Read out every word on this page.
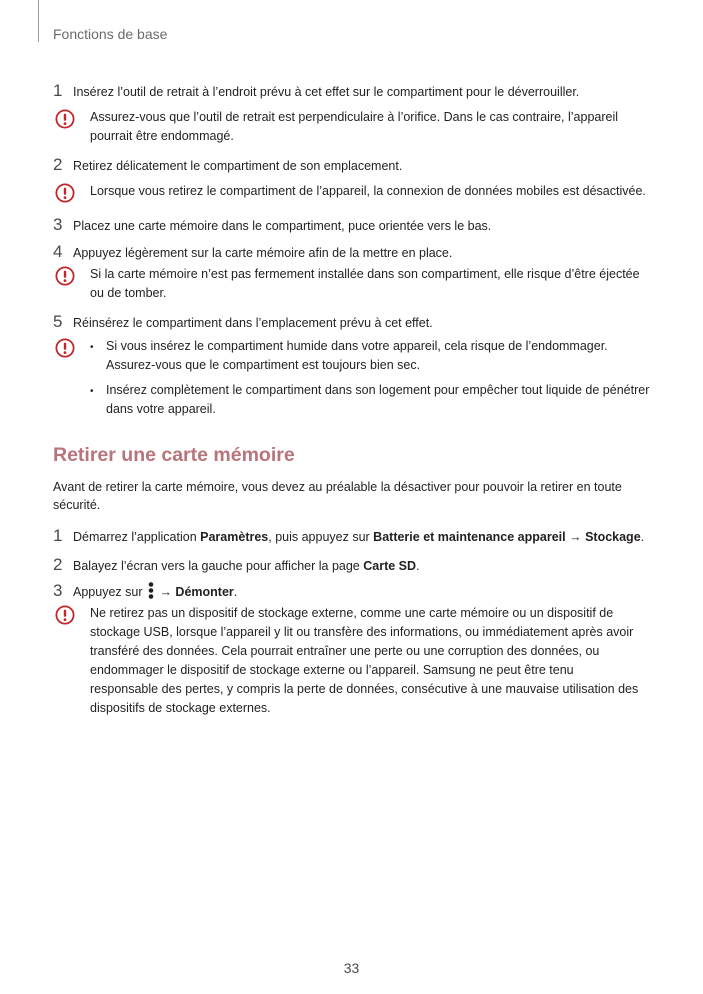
Fonctions de base
1 Insérez l’outil de retrait à l’endroit prévu à cet effet sur le compartiment pour le déverrouiller.
Assurez-vous que l’outil de retrait est perpendiculaire à l’orifice. Dans le cas contraire, l’appareil pourrait être endommagé.
2 Retirez délicatement le compartiment de son emplacement.
Lorsque vous retirez le compartiment de l’appareil, la connexion de données mobiles est désactivée.
3 Placez une carte mémoire dans le compartiment, puce orientée vers le bas.
4 Appuyez légèrement sur la carte mémoire afin de la mettre en place.
Si la carte mémoire n’est pas fermement installée dans son compartiment, elle risque d’être éjectée ou de tomber.
5 Réinsérez le compartiment dans l’emplacement prévu à cet effet.
• Si vous insérez le compartiment humide dans votre appareil, cela risque de l’endommager. Assurez-vous que le compartiment est toujours bien sec.
• Insérez complètement le compartiment dans son logement pour empêcher tout liquide de pénétrer dans votre appareil.
Retirer une carte mémoire
Avant de retirer la carte mémoire, vous devez au préalable la désactiver pour pouvoir la retirer en toute sécurité.
1 Démarrez l’application Paramètres, puis appuyez sur Batterie et maintenance appareil → Stockage.
2 Balayez l’écran vers la gauche pour afficher la page Carte SD.
3 Appuyez sur  → Démonter.
Ne retirez pas un dispositif de stockage externe, comme une carte mémoire ou un dispositif de stockage USB, lorsque l’appareil y lit ou transfère des informations, ou immédiatement après avoir transféré des données. Cela pourrait entraîner une perte ou une corruption des données, ou endommager le dispositif de stockage externe ou l’appareil. Samsung ne peut être tenu responsable des pertes, y compris la perte de données, consécutive à une mauvaise utilisation des dispositifs de stockage externes.
33
